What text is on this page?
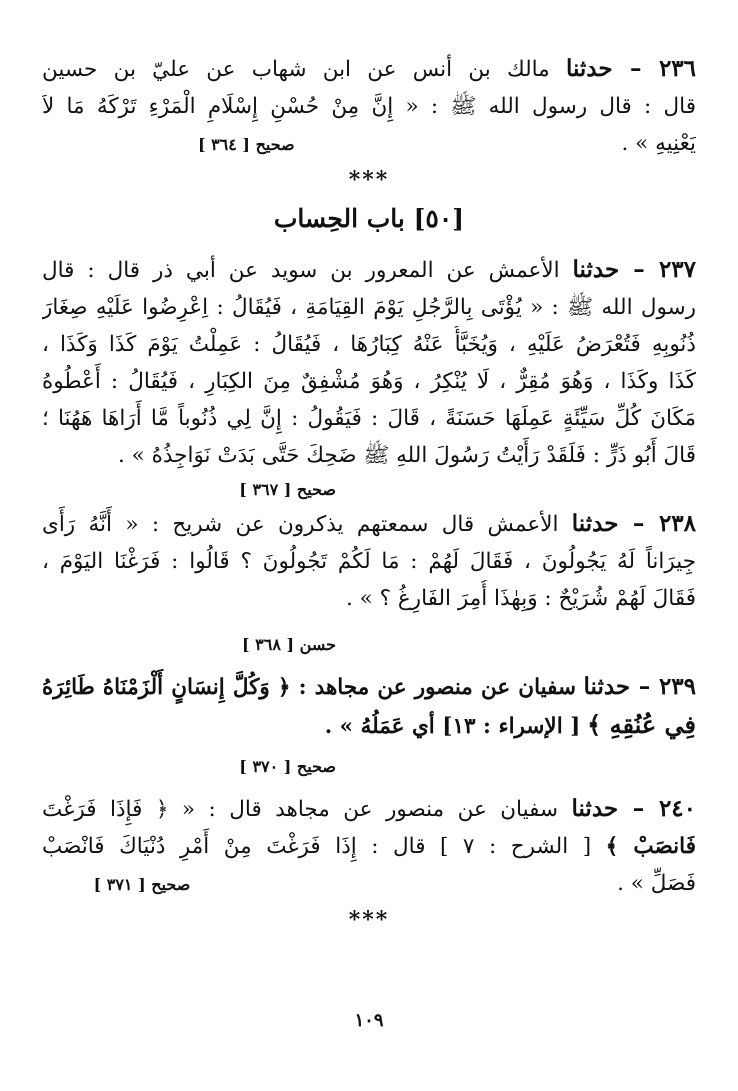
٢٣٦ – حدثنا مالك بن أنس عن ابن شهاب عن عليّ بن حسين
قال : قال رسول الله ﷺ : « إِنَّ مِنْ حُسْنِ إِسْلَامِ الْمَرْءِ تَرْكَهُ مَا لاَ
يَعْنِيهِ » . صحيح [ ٣٦٤ ]
***
[٥٠] باب الحِساب
٢٣٧ – حدثنا الأعمش عن المعرور بن سويد عن أبي ذر قال : قال
رسول الله ﷺ : « يُؤْتَى بِالرَّجُلِ يَوْمَ القِيَامَةِ ، فَيُقَالُ : اِعْرِضُوا عَلَيْهِ صِغَارَ
ذُنُوبِهِ فَتُعْرَضُ عَلَيْهِ ، وَيُخَبَّأُ عَنْهُ كِبَارُهَا ، فَيُقَالُ : عَمِلْتُ يَوْمَ كَذَا وَكَذَا ،
كَذَا وكَذَا ، وَهُوَ مُقِرٌّ ، لَا يُنْكِرُ ، وَهُوَ مُشْفِقٌ مِنَ الكِبَارِ ، فَيُقَالُ : أَعْطُوهُ
مَكَانَ كُلِّ سَيِّئَةٍ عَمِلَهَا حَسَنَةً ، قَالَ : فَيَقُولُ : إِنَّ لِي ذُنُوباً مَّا أَرَاهَا هَهُنَا ؛
قَالَ أَبُو ذَرٍّ : فَلَقَدْ رَأَيْتُ رَسُولَ اللهِ ﷺ ضَحِكَ حَتَّى بَدَتْ نَوَاجِذُهُ » .
صحيح [ ٣٦٧ ]
٢٣٨ – حدثنا الأعمش قال سمعتهم يذكرون عن شريح : « أَنَّهُ رَأَى
جِيرَاناً لَهُ يَجُولُونَ ، فَقَالَ لَهُمْ : مَا لَكُمْ تَجُولُونَ ؟ قَالُوا : فَرَغْنَا اليَوْمَ ،
فَقَالَ لَهُمْ شُرَيْحٌ : وَبِهٰذَا أُمِرَ الفَارِغُ ؟ » .
حسن [ ٣٦٨ ]
٢٣٩ – حدثنا سفيان عن منصور عن مجاهد : ﴿ وَكُلَّ إِنسَانٍ أَلْزَمْنَاهُ طَائِرَهُ
فِي عُنُقِهِ ﴾ [ الإسراء : ١٣] أي عَمَلُهُ » .
صحيح [ ٣٧٠ ]
٢٤٠ – حدثنا سفيان عن منصور عن مجاهد قال : « ﴿ فَإِذَا فَرَغْتَ
فَانصَبْ ﴾ [ الشرح : ٧ ] قال : إِذَا فَرَغْتَ مِنْ أَمْرِ دُنْيَاكَ فَانْصَبْ
فَصَلِّ » . صحيح [ ٣٧١ ]
***
١٠٩
